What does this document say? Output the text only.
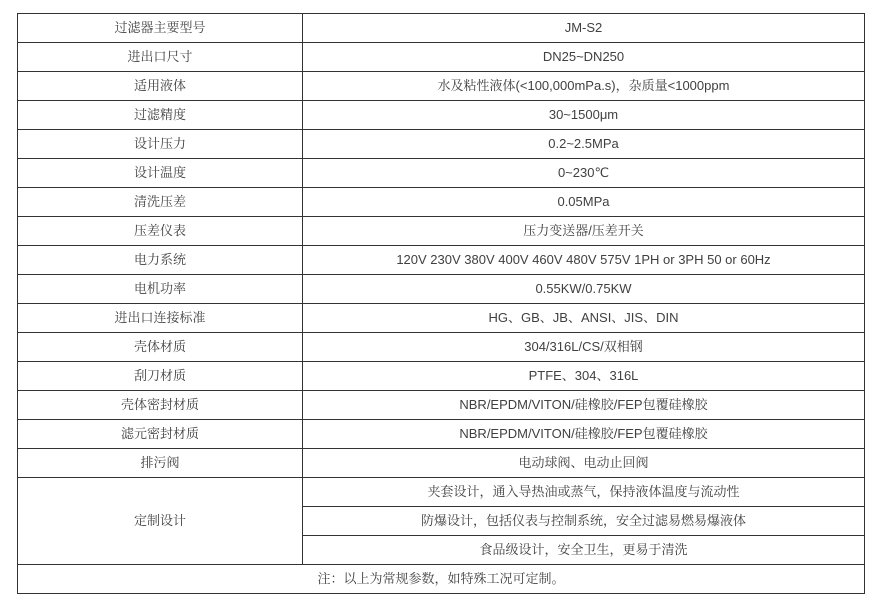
过滤器主要型号	JM-S2
进出口尺寸	DN25~DN250
适用液体	水及粘性液体(<100,000mPa.s)，杂质量<1000ppm
过滤精度	30~1500μm
设计压力	0.2~2.5MPa
设计温度	0~230℃
清洗压差	0.05MPa
压差仪表	压力变送器/压差开关
电力系统	120V 230V 380V 400V 460V 480V 575V 1PH or 3PH 50 or 60Hz
电机功率	0.55KW/0.75KW
进出口连接标准	HG、GB、JB、ANSI、JIS、DIN
壳体材质	304/316L/CS/双相钢
刮刀材质	PTFE、304、316L
壳体密封材质	NBR/EPDM/VITON/硅橡胶/FEP包覆硅橡胶
滤元密封材质	NBR/EPDM/VITON/硅橡胶/FEP包覆硅橡胶
排污阀	电动球阀、电动止回阀
定制设计	夹套设计，通入导热油或蒸气，保持液体温度与流动性
	防爆设计，包括仪表与控制系统，安全过滤易燃易爆液体
	食品级设计，安全卫生，更易于清洗
注：以上为常规参数，如特殊工况可定制。	
